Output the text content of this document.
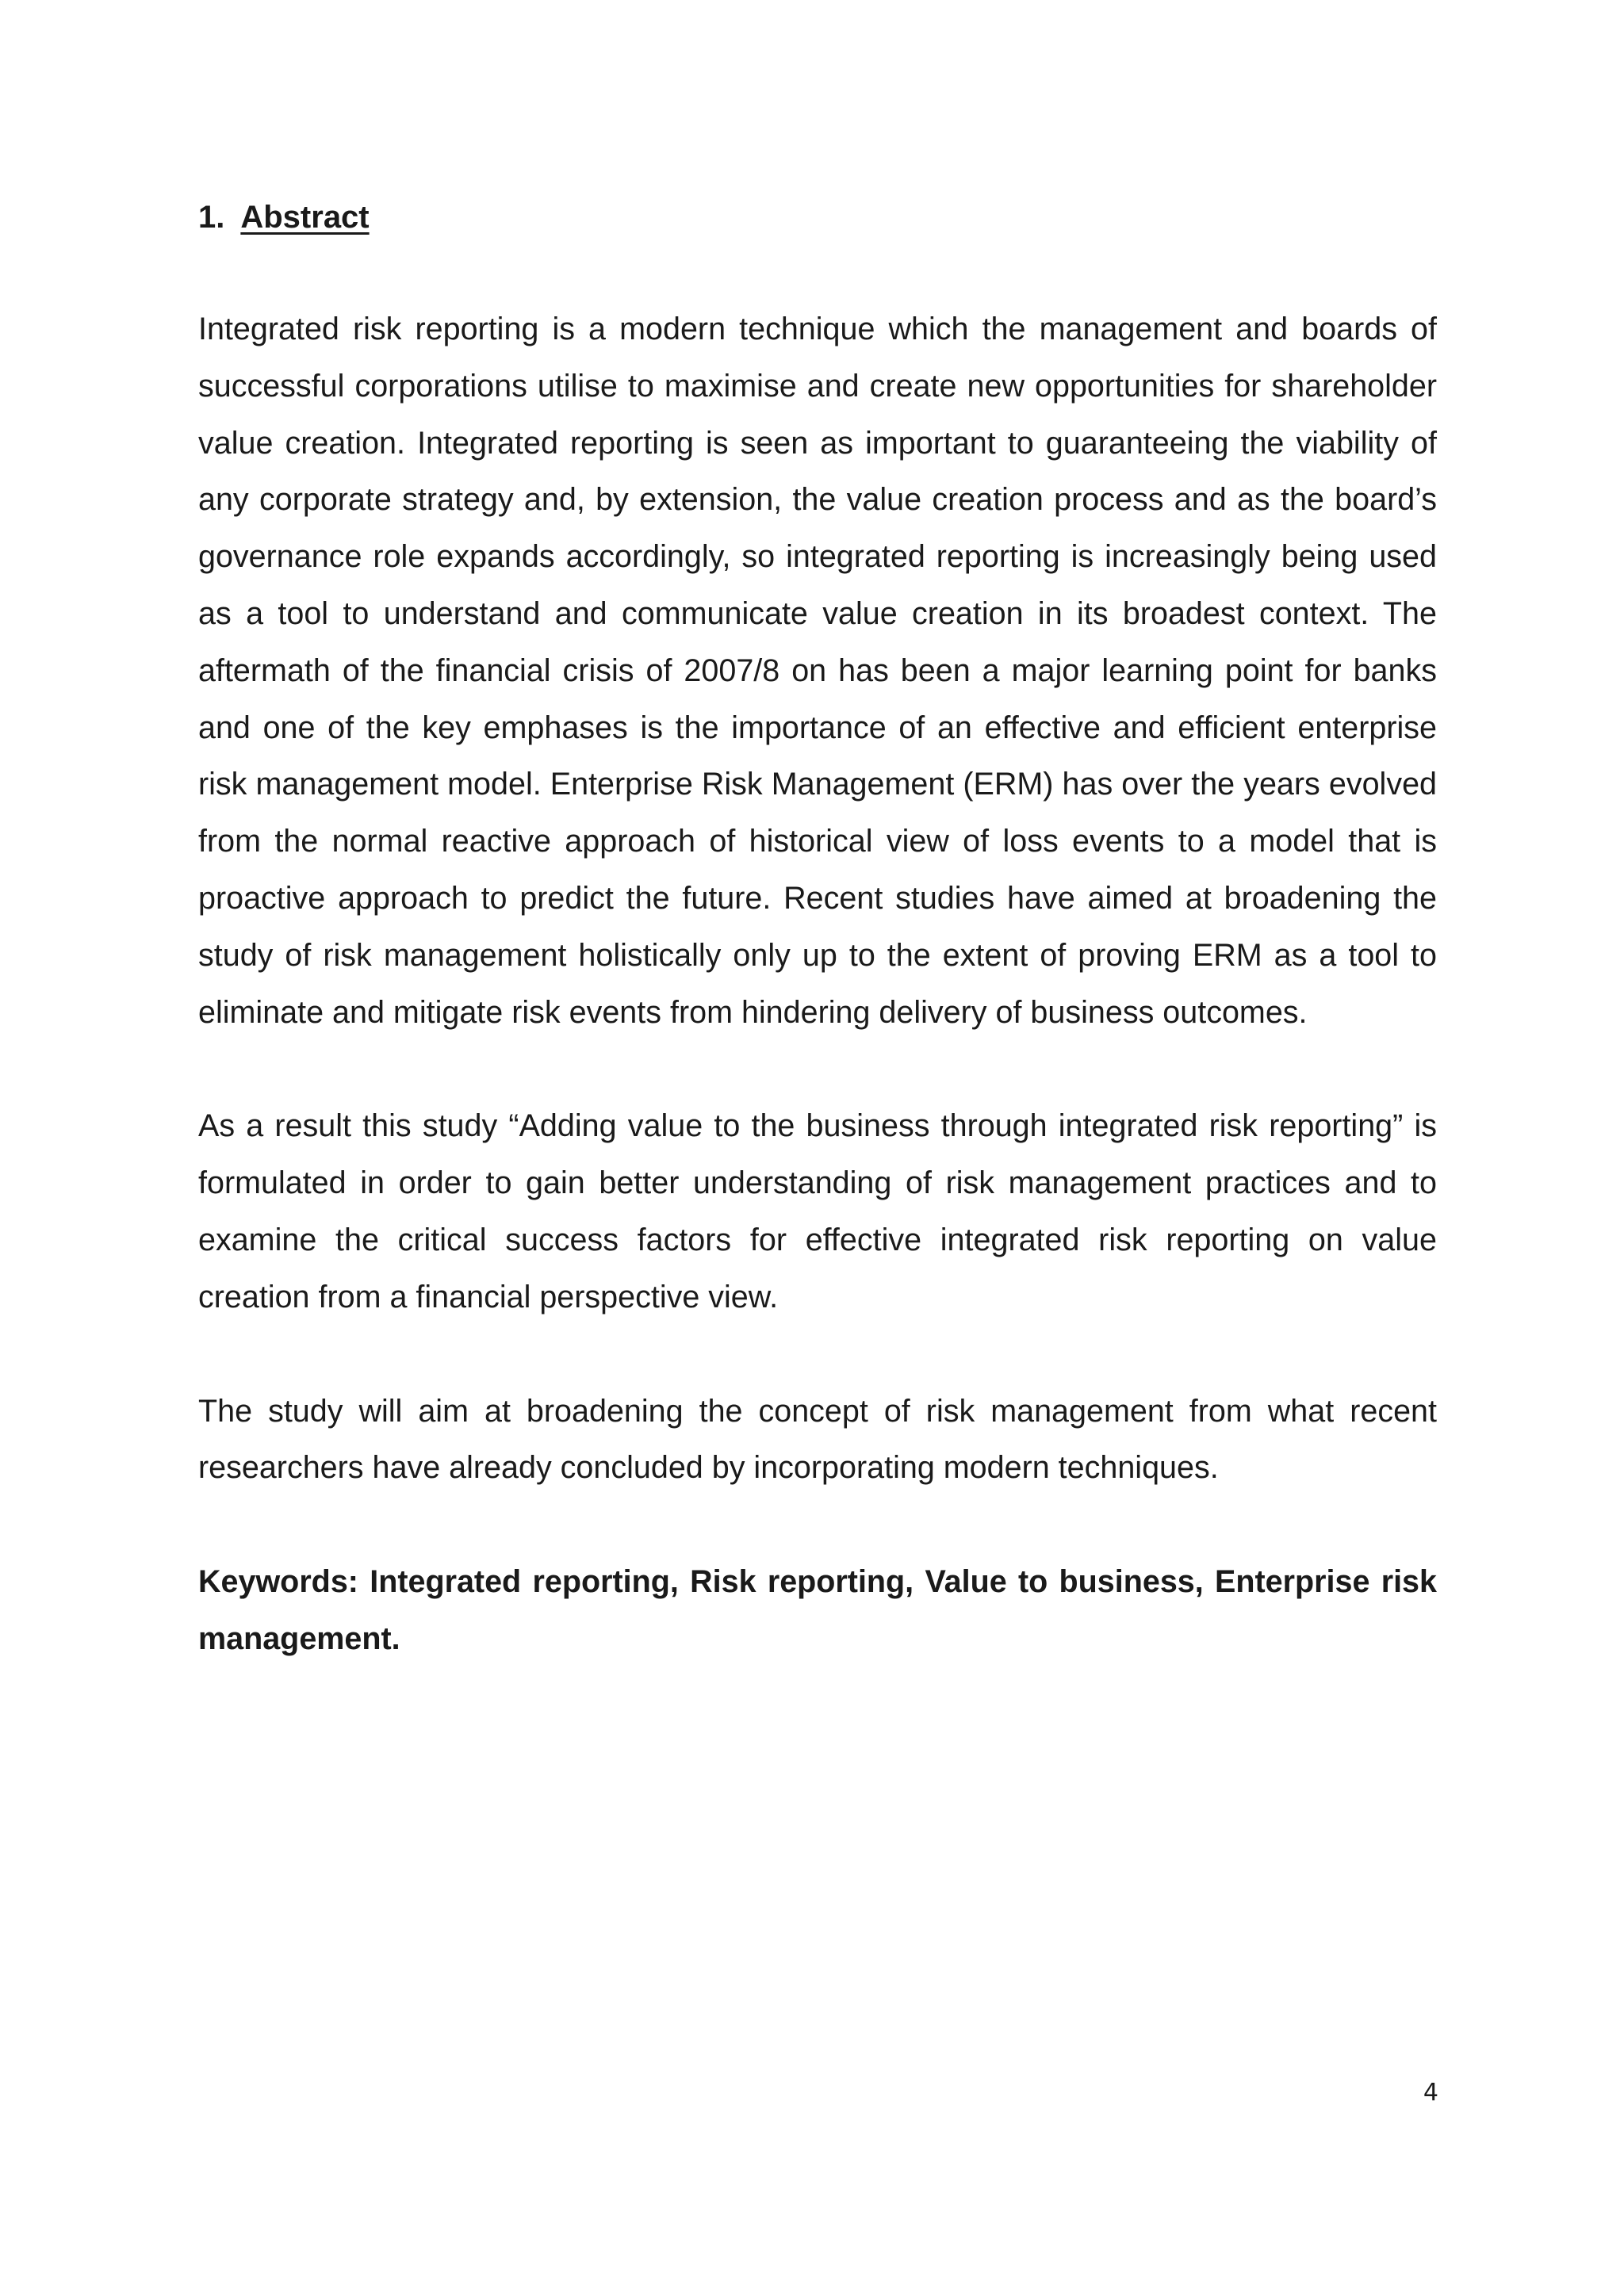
1. Abstract

Integrated risk reporting is a modern technique which the management and boards of successful corporations utilise to maximise and create new opportunities for shareholder value creation. Integrated reporting is seen as important to guaranteeing the viability of any corporate strategy and, by extension, the value creation process and as the board’s governance role expands accordingly, so integrated reporting is increasingly being used as a tool to understand and communicate value creation in its broadest context. The aftermath of the financial crisis of 2007/8 on has been a major learning point for banks and one of the key emphases is the importance of an effective and efficient enterprise risk management model. Enterprise Risk Management (ERM) has over the years evolved from the normal reactive approach of historical view of loss events to a model that is proactive approach to predict the future. Recent studies have aimed at broadening the study of risk management holistically only up to the extent of proving ERM as a tool to eliminate and mitigate risk events from hindering delivery of business outcomes.

As a result this study “Adding value to the business through integrated risk reporting” is formulated in order to gain better understanding of risk management practices and to examine the critical success factors for effective integrated risk reporting on value creation from a financial perspective view.

The study will aim at broadening the concept of risk management from what recent researchers have already concluded by incorporating modern techniques.

Keywords: Integrated reporting, Risk reporting, Value to business, Enterprise risk management.

4
